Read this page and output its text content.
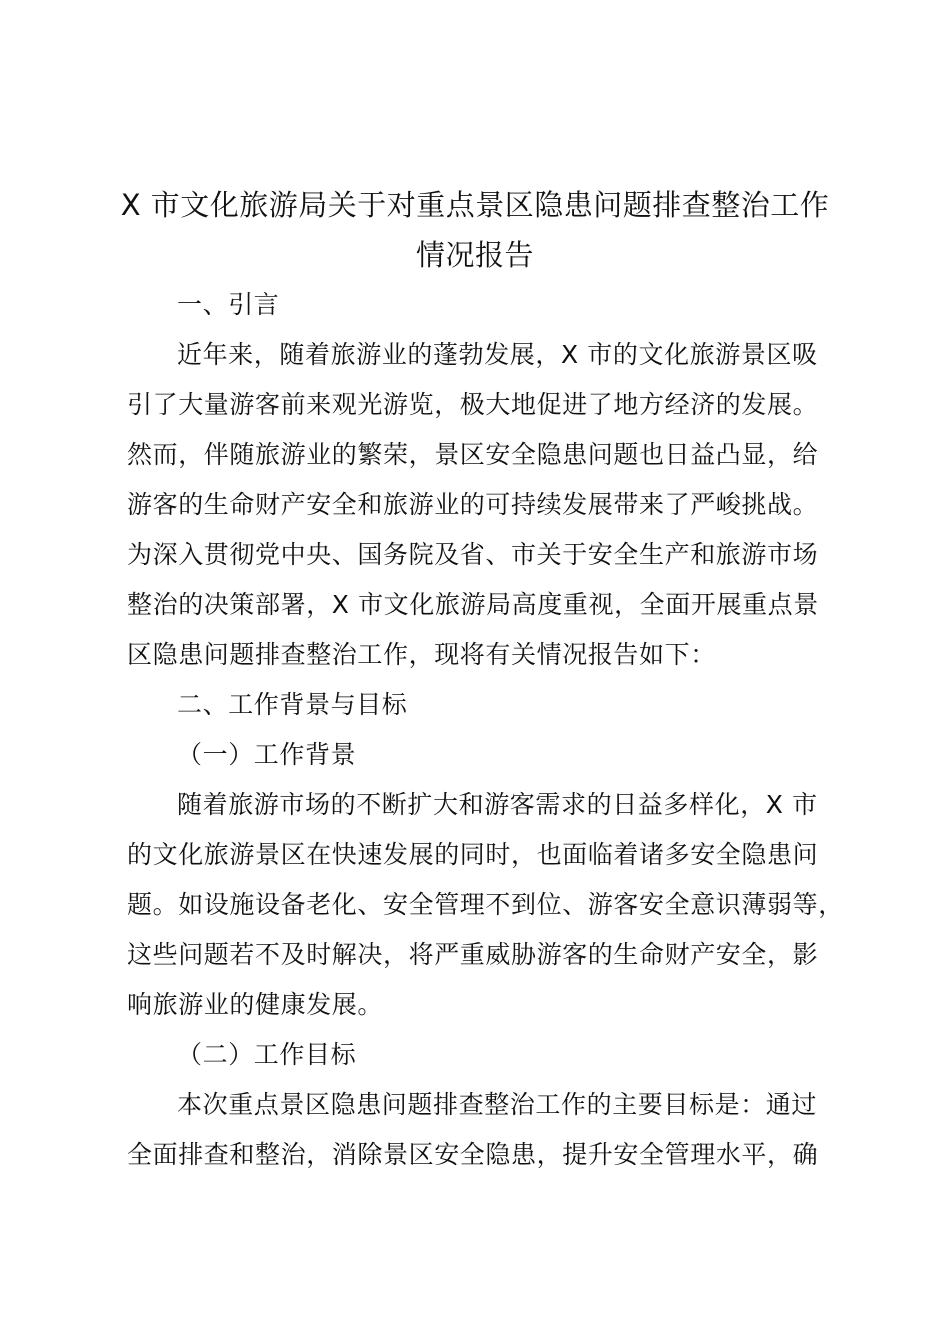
X 市文化旅游局关于对重点景区隐患问题排查整治工作
情况报告
一、引言
近年来，随着旅游业的蓬勃发展，X 市的文化旅游景区吸
引了大量游客前来观光游览，极大地促进了地方经济的发展。
然而，伴随旅游业的繁荣，景区安全隐患问题也日益凸显，给
游客的生命财产安全和旅游业的可持续发展带来了严峻挑战。
为深入贯彻党中央、国务院及省、市关于安全生产和旅游市场
整治的决策部署，X 市文化旅游局高度重视，全面开展重点景
区隐患问题排查整治工作，现将有关情况报告如下：
二、工作背景与目标
（一）工作背景
随着旅游市场的不断扩大和游客需求的日益多样化，X 市
的文化旅游景区在快速发展的同时，也面临着诸多安全隐患问
题。如设施设备老化、安全管理不到位、游客安全意识薄弱等，
这些问题若不及时解决，将严重威胁游客的生命财产安全，影
响旅游业的健康发展。
（二）工作目标
本次重点景区隐患问题排查整治工作的主要目标是：通过
全面排查和整治，消除景区安全隐患，提升安全管理水平，确
